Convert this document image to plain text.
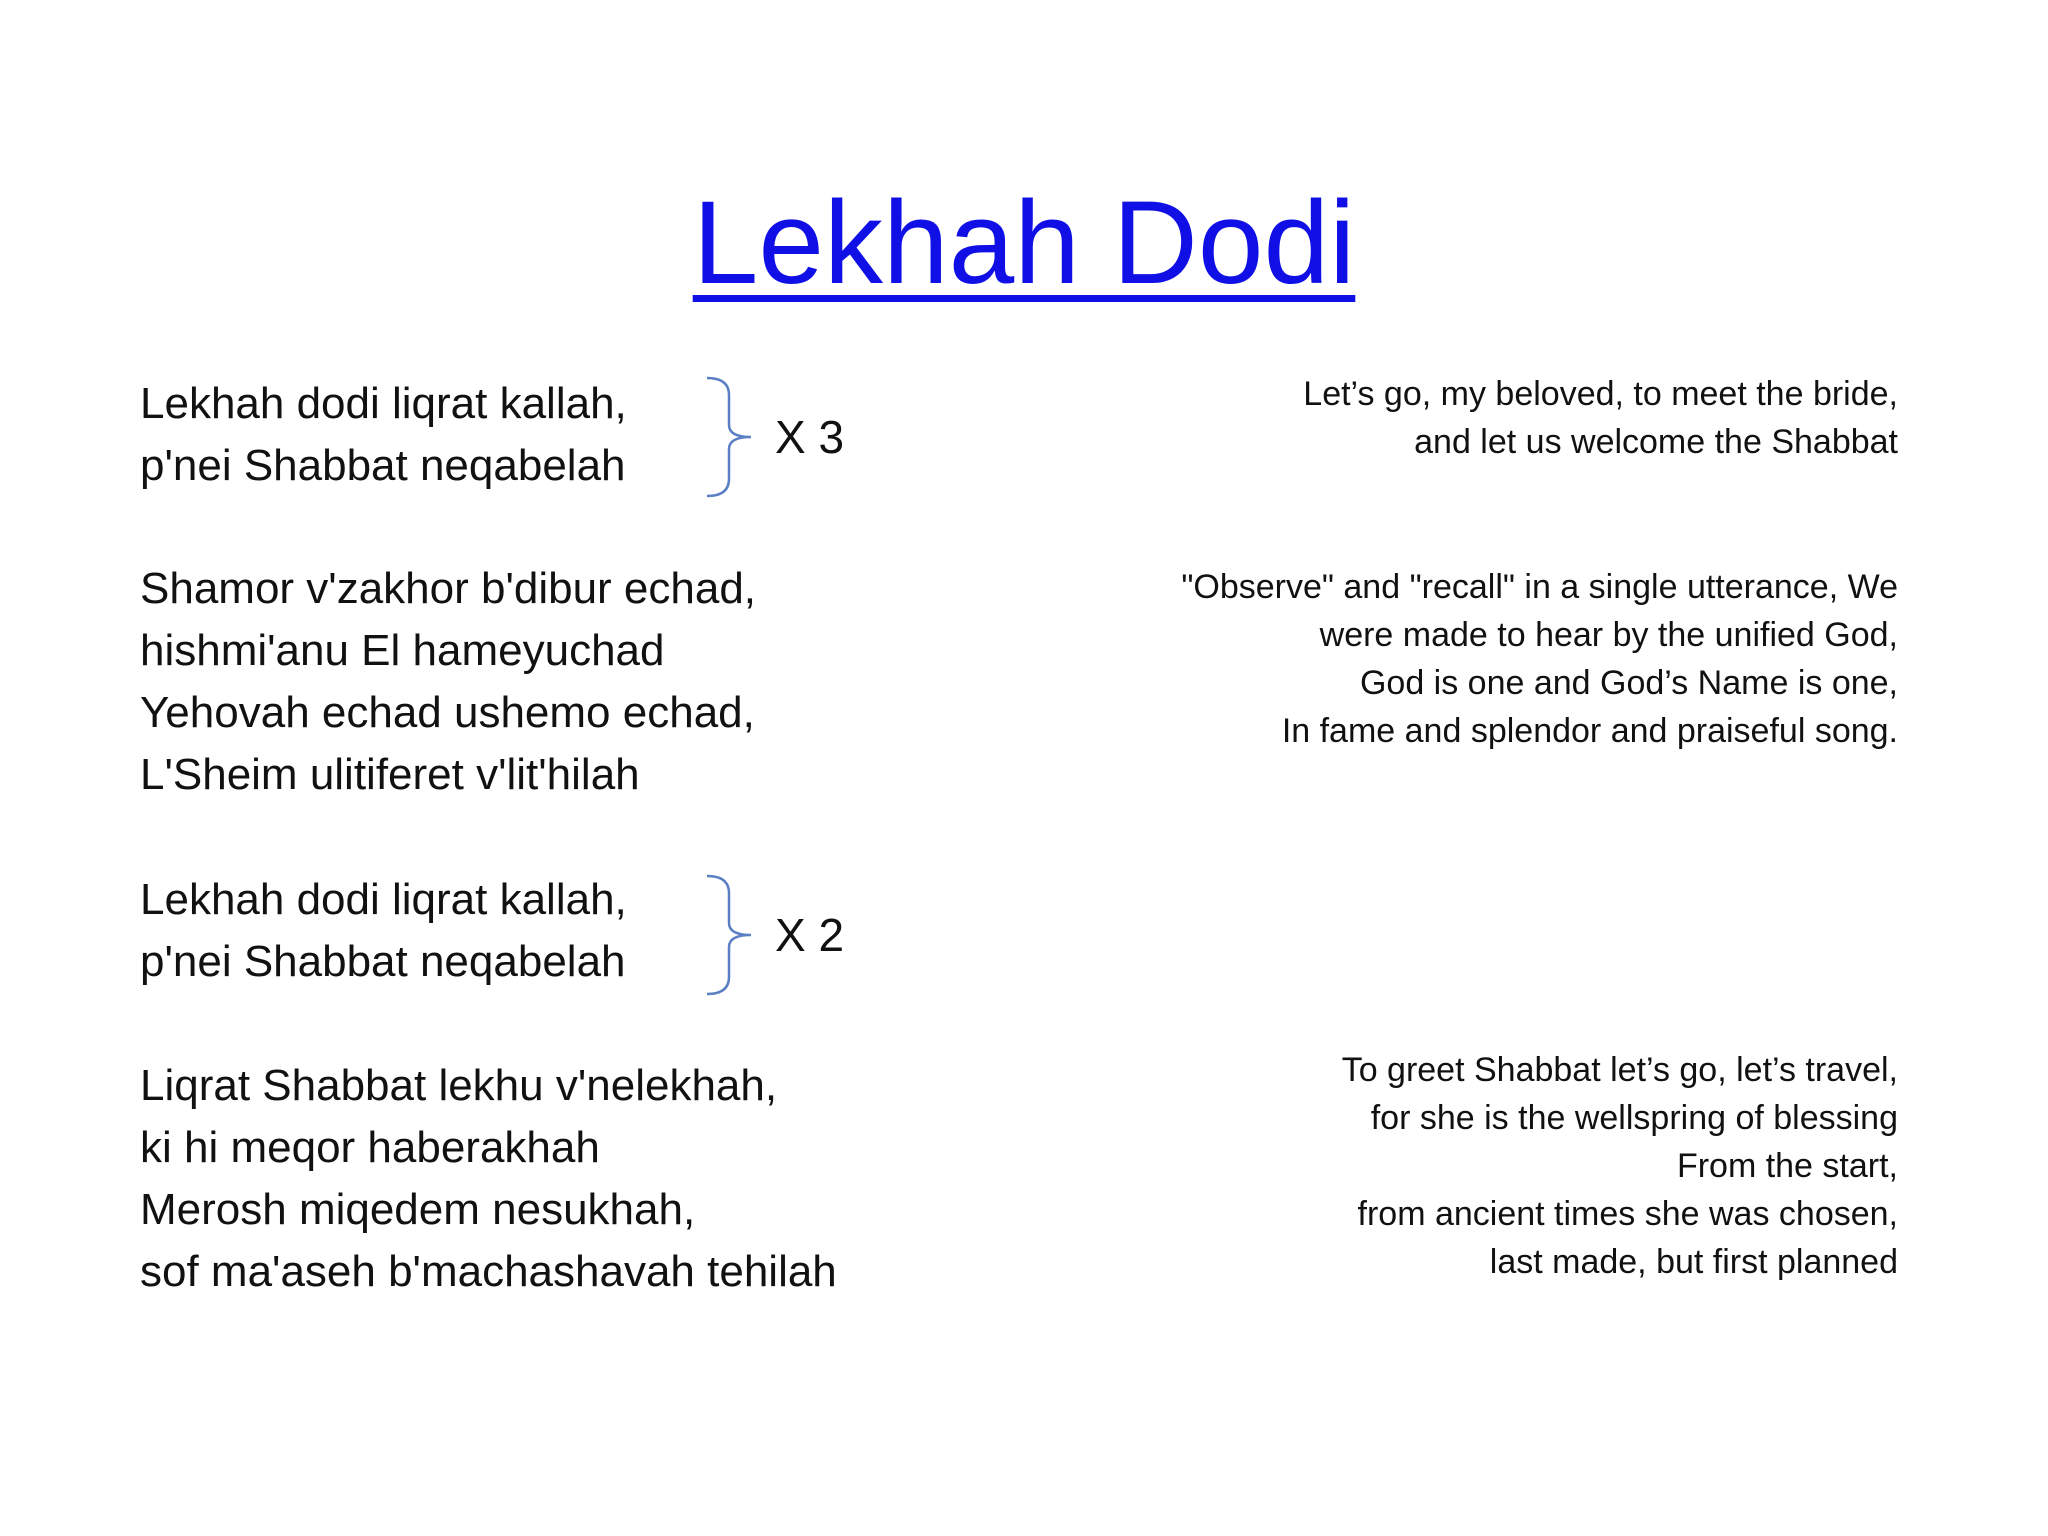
Lekhah Dodi
Lekhah dodi liqrat kallah,
p'nei Shabbat neqabelah
X 3
Let’s go, my beloved, to meet the bride,
and let us welcome the Shabbat
Shamor v'zakhor b'dibur echad,
hishmi'anu El hameyuchad
Yehovah echad ushemo echad,
L'Sheim ulitiferet v'lit'hilah
"Observe" and "recall" in a single utterance, We
were made to hear by the unified God,
God is one and God’s Name is one,
In fame and splendor and praiseful song.
Lekhah dodi liqrat kallah,
p'nei Shabbat neqabelah
X 2
Liqrat Shabbat lekhu v'nelekhah,
ki hi meqor haberakhah
Merosh miqedem nesukhah,
sof ma'aseh b'machashavah tehilah
To greet Shabbat let’s go, let’s travel,
for she is the wellspring of blessing
From the start,
from ancient times she was chosen,
last made, but first planned
